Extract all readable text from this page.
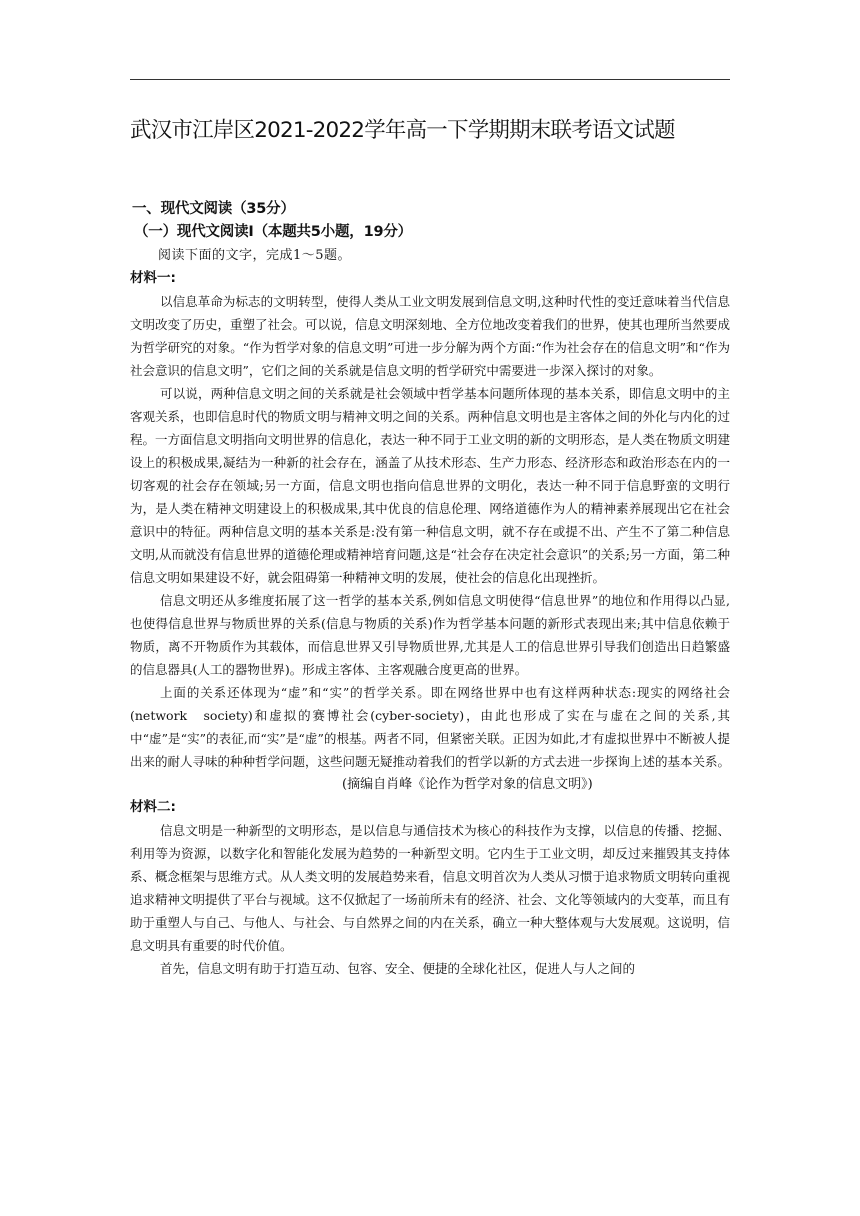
武汉市江岸区2021-2022学年高一下学期期末联考语文试题
一、现代文阅读（35分）
（一）现代文阅读Ⅰ（本题共5小题，19分）

阅读下面的文字，完成1～5题。

材料一:

以信息革命为标志的文明转型，使得人类从工业文明发展到信息文明,这种时代性的变迁意味着当代信息文明改变了历史，重塑了社会。可以说，信息文明深刻地、全方位地改变着我们的世界，使其也理所当然要成为哲学研究的对象。“作为哲学对象的信息文明”可进一步分解为两个方面:“作为社会存在的信息文明”和“作为社会意识的信息文明”，它们之间的关系就是信息文明的哲学研究中需要进一步深入探讨的对象。

可以说，两种信息文明之间的关系就是社会领域中哲学基本问题所体现的基本关系，即信息文明中的主客观关系，也即信息时代的物质文明与精神文明之间的关系。两种信息文明也是主客体之间的外化与内化的过程。一方面信息文明指向文明世界的信息化，表达一种不同于工业文明的新的文明形态，是人类在物质文明建设上的积极成果,凝结为一种新的社会存在，涵盖了从技术形态、生产力形态、经济形态和政治形态在内的一切客观的社会存在领域;另一方面，信息文明也指向信息世界的文明化，表达一种不同于信息野蛮的文明行为，是人类在精神文明建设上的积极成果,其中优良的信息伦理、网络道德作为人的精神素养展现出它在社会意识中的特征。两种信息文明的基本关系是:没有第一种信息文明，就不存在或提不出、产生不了第二种信息文明,从而就没有信息世界的道德伦理或精神培育问题,这是“社会存在决定社会意识”的关系;另一方面，第二种信息文明如果建设不好，就会阻碍第一种精神文明的发展，使社会的信息化出现挫折。

信息文明还从多维度拓展了这一哲学的基本关系,例如信息文明使得“信息世界”的地位和作用得以凸显,也使得信息世界与物质世界的关系(信息与物质的关系)作为哲学基本问题的新形式表现出来;其中信息依赖于物质，离不开物质作为其载体，而信息世界又引导物质世界,尤其是人工的信息世界引导我们创造出日趋繁盛的信息器具(人工的器物世界)。形成主客体、主客观融合度更高的世界。

上面的关系还体现为“虚”和“实”的哲学关系。即在网络世界中也有这样两种状态:现实的网络社会(network　society)和虚拟的赛博社会(cyber-society)，由此也形成了实在与虚在之间的关系,其中“虚”是“实”的表征,而“实”是“虚”的根基。两者不同，但紧密关联。正因为如此,才有虚拟世界中不断被人提出来的耐人寻味的种种哲学问题，这些问题无疑推动着我们的哲学以新的方式去进一步探询上述的基本关系。

(摘编自肖峰《论作为哲学对象的信息文明》)

材料二:

信息文明是一种新型的文明形态，是以信息与通信技术为核心的科技作为支撑，以信息的传播、挖掘、利用等为资源，以数字化和智能化发展为趋势的一种新型文明。它内生于工业文明，却反过来摧毁其支持体系、概念框架与思维方式。从人类文明的发展趋势来看，信息文明首次为人类从习惯于追求物质文明转向重视追求精神文明提供了平台与视域。这不仅掀起了一场前所未有的经济、社会、文化等领域内的大变革，而且有助于重塑人与自己、与他人、与社会、与自然界之间的内在关系，确立一种大整体观与大发展观。这说明，信息文明具有重要的时代价值。

首先，信息文明有助于打造互动、包容、安全、便捷的全球化社区，促进人与人之间的
